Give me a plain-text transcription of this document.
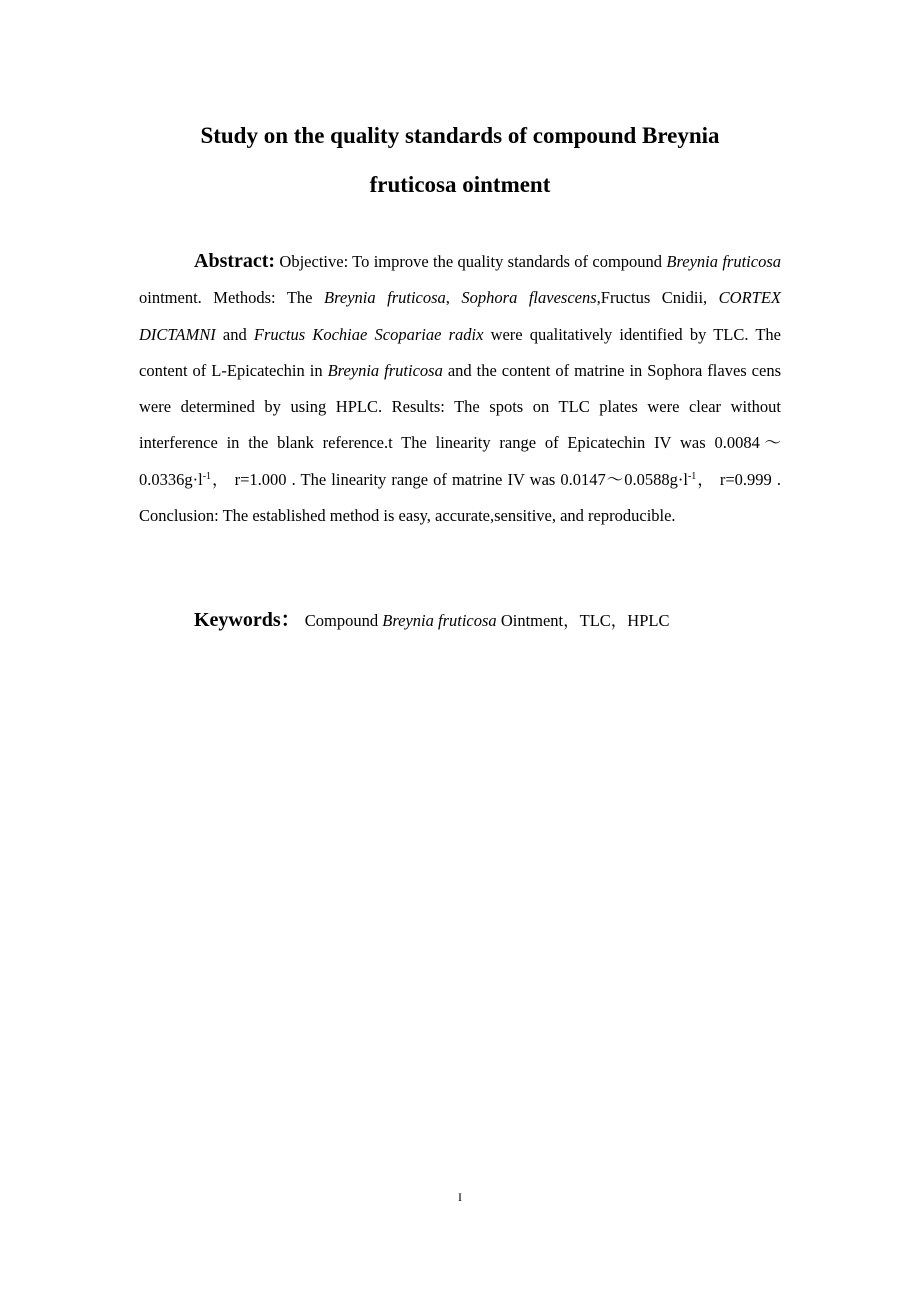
Study on the quality standards of compound Breynia
fruticosa ointment

Abstract: Objective: To improve the quality standards of compound Breynia fruticosa ointment. Methods: The Breynia fruticosa, Sophora flavescens,Fructus Cnidii, CORTEX DICTAMNI and Fructus Kochiae Scopariae radix were qualitatively identified by TLC. The content of L-Epicatechin in Breynia fruticosa and the content of matrine in Sophora flaves cens were determined by using HPLC. Results: The spots on TLC plates were clear without interference in the blank reference.t The linearity range of Epicatechin IV was $0.0084\sim 0.0336g\cdot l^{-1}$， r=1.000 . The linearity range of matrine IV was $0.0147\sim 0.0588g\cdot l^{-1}$， r=0.999 . Conclusion: The established method is easy, accurate,sensitive, and reproducible.

Keywords： Compound Breynia fruticosa Ointment，TLC，HPLC

I
